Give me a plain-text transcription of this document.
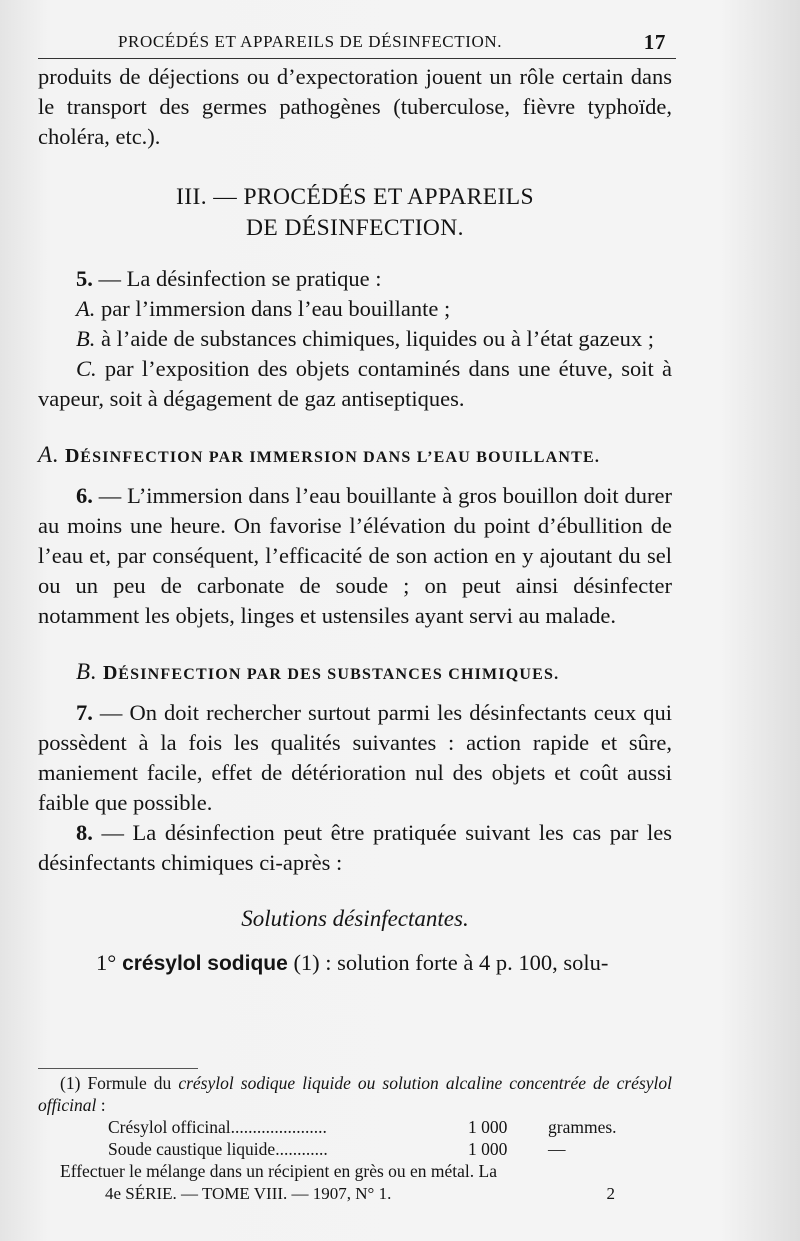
PROCÉDÉS ET APPAREILS DE DÉSINFECTION.	17

produits de déjections ou d’expectoration jouent un rôle certain dans le transport des germes pathogènes (tuberculose, fièvre typhoïde, choléra, etc.).

III. — PROCÉDÉS ET APPAREILS
DE DÉSINFECTION.

5. — La désinfection se pratique :

A. par l’immersion dans l’eau bouillante ;

B. à l’aide de substances chimiques, liquides ou à l’état gazeux ;

C. par l’exposition des objets contaminés dans une étuve, soit à vapeur, soit à dégagement de gaz antiseptiques.

A. DÉSINFECTION PAR IMMERSION DANS L’EAU BOUILLANTE.

6. — L’immersion dans l’eau bouillante à gros bouillon doit durer au moins une heure. On favorise l’élévation du point d’ébullition de l’eau et, par conséquent, l’efficacité de son action en y ajoutant du sel ou un peu de carbonate de soude ; on peut ainsi désinfecter notamment les objets, linges et ustensiles ayant servi au malade.

B. DÉSINFECTION PAR DES SUBSTANCES CHIMIQUES.

7. — On doit rechercher surtout parmi les désinfectants ceux qui possèdent à la fois les qualités suivantes : action rapide et sûre, maniement facile, effet de détérioration nul des objets et coût aussi faible que possible.

8. — La désinfection peut être pratiquée suivant les cas par les désinfectants chimiques ci-après :

Solutions désinfectantes.

1° crésylol sodique (1) : solution forte à 4 p. 100, solu-

(1) Formule du crésylol sodique liquide ou solution alcaline concentrée de crésylol officinal :

Crésylol officinal......................	1 000 grammes.
Soude caustique liquide............	1 000 —

Effectuer le mélange dans un récipient en grès ou en métal. La

4e SÉRIE. — TOME VIII. — 1907, N° 1.	2
